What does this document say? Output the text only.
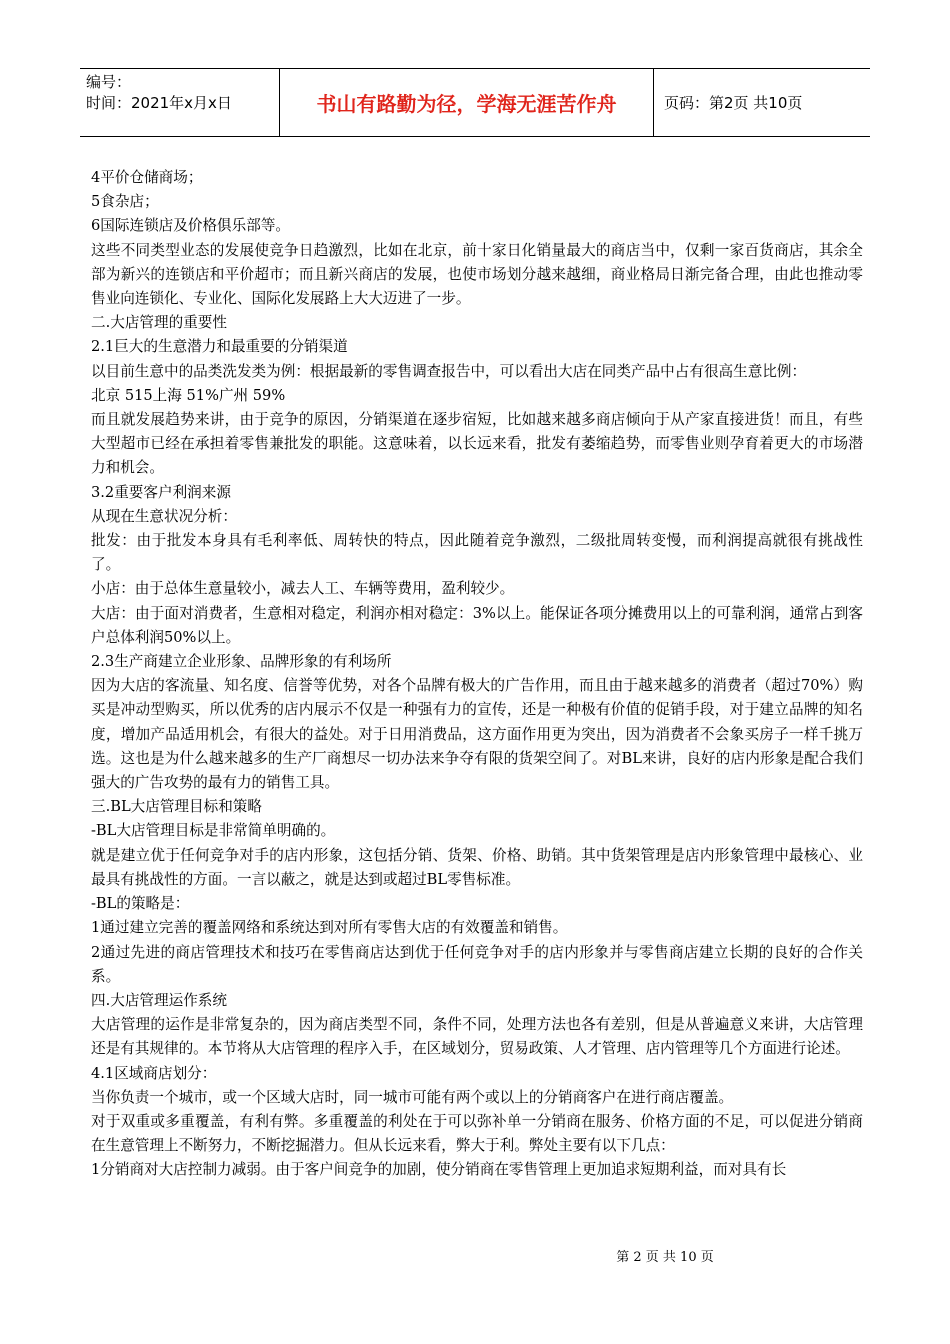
编号：
时间：2021年x月x日	书山有路勤为径，学海无涯苦作舟	页码：第2页 共10页

4平价仓储商场；

5食杂店；

6国际连锁店及价格俱乐部等。

这些不同类型业态的发展使竞争日趋激烈，比如在北京，前十家日化销量最大的商店当中，仅剩一家百货商店，其余全部为新兴的连锁店和平价超市；而且新兴商店的发展，也使市场划分越来越细，商业格局日渐完备合理，由此也推动零售业向连锁化、专业化、国际化发展路上大大迈进了一步。

二.大店管理的重要性

2.1巨大的生意潜力和最重要的分销渠道

以目前生意中的品类洗发类为例：根据最新的零售调查报告中，可以看出大店在同类产品中占有很高生意比例：

北京 515上海 51%广州 59%

而且就发展趋势来讲，由于竞争的原因，分销渠道在逐步宿短，比如越来越多商店倾向于从产家直接进货！而且，有些大型超市已经在承担着零售兼批发的职能。这意味着，以长远来看，批发有萎缩趋势，而零售业则孕育着更大的市场潜力和机会。

3.2重要客户利润来源

从现在生意状况分析：

批发：由于批发本身具有毛利率低、周转快的特点，因此随着竞争激烈，二级批周转变慢，而利润提高就很有挑战性了。

小店：由于总体生意量较小，减去人工、车辆等费用，盈利较少。

大店：由于面对消费者，生意相对稳定，利润亦相对稳定：3%以上。能保证各项分摊费用以上的可靠利润，通常占到客户总体利润50%以上。

2.3生产商建立企业形象、品牌形象的有利场所

因为大店的客流量、知名度、信誉等优势，对各个品牌有极大的广告作用，而且由于越来越多的消费者（超过70%）购买是冲动型购买，所以优秀的店内展示不仅是一种强有力的宣传，还是一种极有价值的促销手段，对于建立品牌的知名度，增加产品适用机会，有很大的益处。对于日用消费品，这方面作用更为突出，因为消费者不会象买房子一样千挑万选。这也是为什么越来越多的生产厂商想尽一切办法来争夺有限的货架空间了。对BL来讲，良好的店内形象是配合我们强大的广告攻势的最有力的销售工具。

三.BL大店管理目标和策略

-BL大店管理目标是非常简单明确的。

就是建立优于任何竞争对手的店内形象，这包括分销、货架、价格、助销。其中货架管理是店内形象管理中最核心、业最具有挑战性的方面。一言以蔽之，就是达到或超过BL零售标准。

-BL的策略是：

1通过建立完善的覆盖网络和系统达到对所有零售大店的有效覆盖和销售。

2通过先进的商店管理技术和技巧在零售商店达到优于任何竞争对手的店内形象并与零售商店建立长期的良好的合作关系。

四.大店管理运作系统

大店管理的运作是非常复杂的，因为商店类型不同，条件不同，处理方法也各有差别，但是从普遍意义来讲，大店管理还是有其规律的。本节将从大店管理的程序入手，在区域划分，贸易政策、人才管理、店内管理等几个方面进行论述。

4.1区域商店划分：

当你负责一个城市，或一个区域大店时，同一城市可能有两个或以上的分销商客户在进行商店覆盖。

对于双重或多重覆盖，有利有弊。多重覆盖的利处在于可以弥补单一分销商在服务、价格方面的不足，可以促进分销商在生意管理上不断努力，不断挖掘潜力。但从长远来看，弊大于利。弊处主要有以下几点：

1分销商对大店控制力减弱。由于客户间竞争的加剧，使分销商在零售管理上更加追求短期利益，而对具有长

第 2 页 共 10 页
